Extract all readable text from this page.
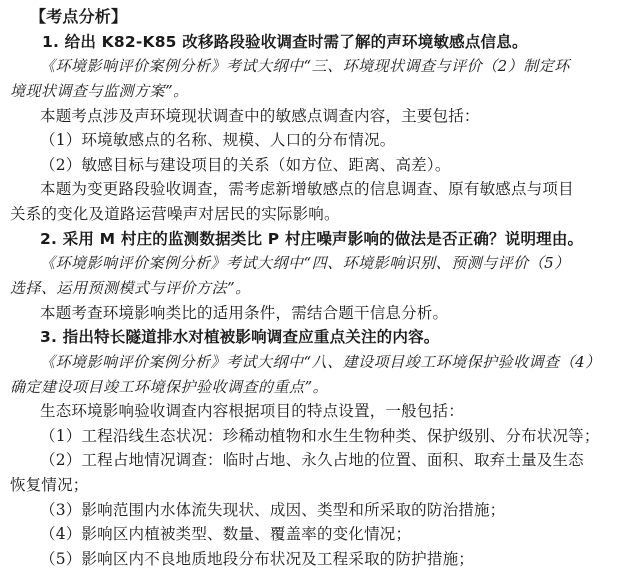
【考点分析】
1. 给出 K82-K85 改移路段验收调查时需了解的声环境敏感点信息。
《环境影响评价案例分析》考试大纲中“三、环境现状调查与评价（2）制定环
境现状调查与监测方案”。
本题考点涉及声环境现状调查中的敏感点调查内容，主要包括：
（1）环境敏感点的名称、规模、人口的分布情况。
（2）敏感目标与建设项目的关系（如方位、距离、高差）。
本题为变更路段验收调查，需考虑新增敏感点的信息调查、原有敏感点与项目
关系的变化及道路运营噪声对居民的实际影响。
2. 采用 M 村庄的监测数据类比 P 村庄噪声影响的做法是否正确？说明理由。
《环境影响评价案例分析》考试大纲中“四、环境影响识别、预测与评价（5）
选择、运用预测模式与评价方法”。
本题考查环境影响类比的适用条件，需结合题干信息分析。
3. 指出特长隧道排水对植被影响调查应重点关注的内容。
《环境影响评价案例分析》考试大纲中“八、建设项目竣工环境保护验收调查（4）
确定建设项目竣工环境保护验收调查的重点”。
生态环境影响验收调查内容根据项目的特点设置，一般包括：
（1）工程沿线生态状况：珍稀动植物和水生生物种类、保护级别、分布状况等；
（2）工程占地情况调查：临时占地、永久占地的位置、面积、取弃土量及生态
恢复情况；
（3）影响范围内水体流失现状、成因、类型和所采取的防治措施；
（4）影响区内植被类型、数量、覆盖率的变化情况；
（5）影响区内不良地质地段分布状况及工程采取的防护措施；
